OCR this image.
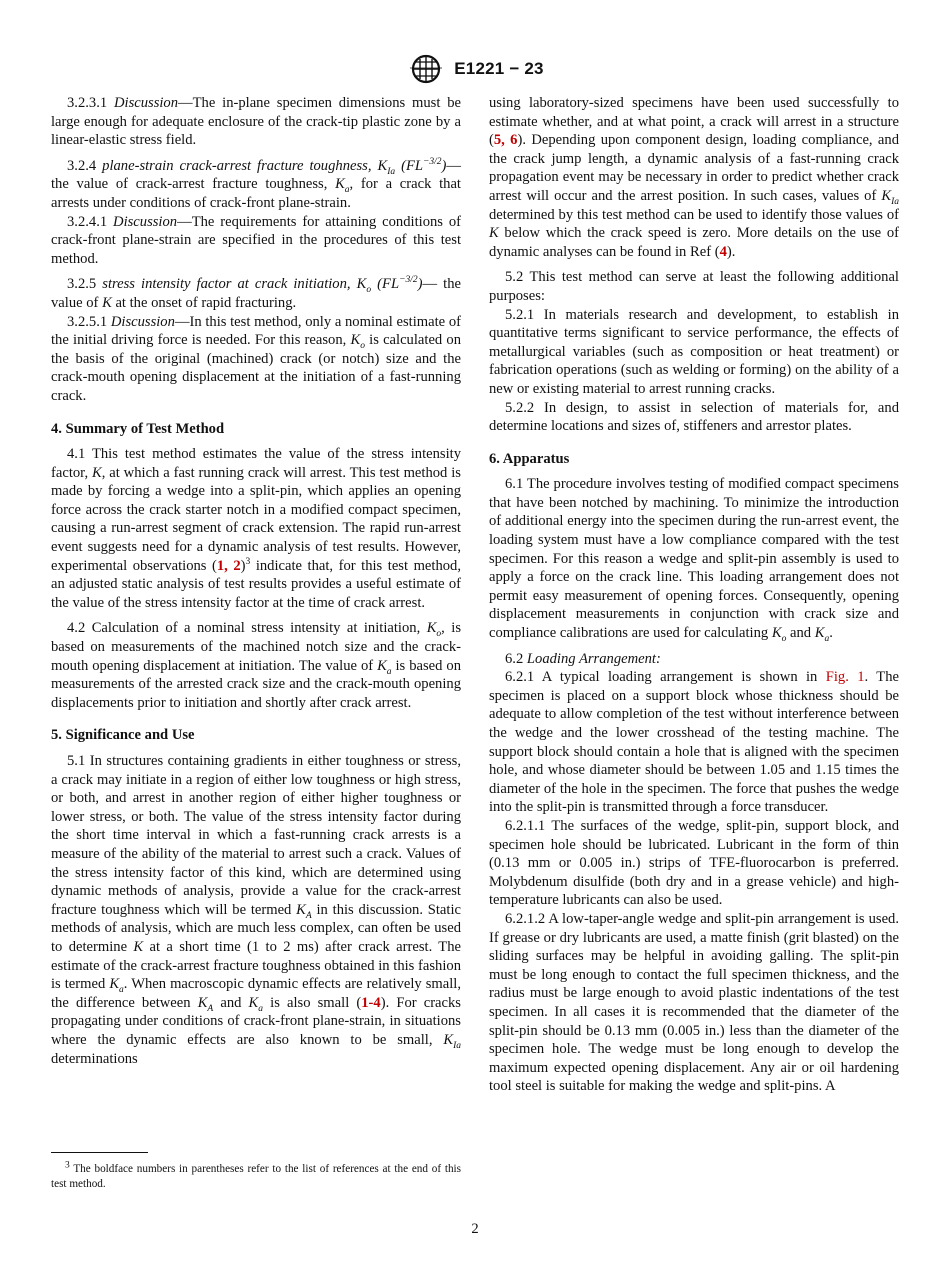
E1221 − 23

3.2.3.1 Discussion—The in-plane specimen dimensions must be large enough for adequate enclosure of the crack-tip plastic zone by a linear-elastic stress field.

3.2.4 plane-strain crack-arrest fracture toughness, $K_{Ia}$ $(FL^{-3/2})—the$ value of crack-arrest fracture toughness, $K_a$, for a crack that arrests under conditions of crack-front plane-strain.

3.2.4.1 Discussion—The requirements for attaining conditions of crack-front plane-strain are specified in the procedures of this test method.

3.2.5 stress intensity factor at crack initiation, $K_o$ $(FL^{-3/2})—$ the value of K at the onset of rapid fracturing.

3.2.5.1 Discussion—In this test method, only a nominal estimate of the initial driving force is needed. For this reason, $K_o$ is calculated on the basis of the original (machined) crack (or notch) size and the crack-mouth opening displacement at the initiation of a fast-running crack.

4. Summary of Test Method

4.1 This test method estimates the value of the stress intensity factor, K, at which a fast running crack will arrest. This test method is made by forcing a wedge into a split-pin, which applies an opening force across the crack starter notch in a modified compact specimen, causing a run-arrest segment of crack extension. The rapid run-arrest event suggests need for a dynamic analysis of test results. However, experimental observations (1, 2)$^3$ indicate that, for this test method, an adjusted static analysis of test results provides a useful estimate of the value of the stress intensity factor at the time of crack arrest.

4.2 Calculation of a nominal stress intensity at initiation, $K_o$, is based on measurements of the machined notch size and the crack-mouth opening displacement at initiation. The value of $K_a$ is based on measurements of the arrested crack size and the crack-mouth opening displacements prior to initiation and shortly after crack arrest.

5. Significance and Use

5.1 In structures containing gradients in either toughness or stress, a crack may initiate in a region of either low toughness or high stress, or both, and arrest in another region of either higher toughness or lower stress, or both. The value of the stress intensity factor during the short time interval in which a fast-running crack arrests is a measure of the ability of the material to arrest such a crack. Values of the stress intensity factor of this kind, which are determined using dynamic methods of analysis, provide a value for the crack-arrest fracture toughness which will be termed $K_A$ in this discussion. Static methods of analysis, which are much less complex, can often be used to determine K at a short time (1 to 2 ms) after crack arrest. The estimate of the crack-arrest fracture toughness obtained in this fashion is termed $K_a$. When macroscopic dynamic effects are relatively small, the difference between $K_A$ and $K_a$ is also small (1-4). For cracks propagating under conditions of crack-front plane-strain, in situations where the dynamic effects are also known to be small, $K_{Ia}$ determinations

$^3$ The boldface numbers in parentheses refer to the list of references at the end of this test method.

using laboratory-sized specimens have been used successfully to estimate whether, and at what point, a crack will arrest in a structure (5, 6). Depending upon component design, loading compliance, and the crack jump length, a dynamic analysis of a fast-running crack propagation event may be necessary in order to predict whether crack arrest will occur and the arrest position. In such cases, values of $K_{Ia}$ determined by this test method can be used to identify those values of K below which the crack speed is zero. More details on the use of dynamic analyses can be found in Ref (4).

5.2 This test method can serve at least the following additional purposes:

5.2.1 In materials research and development, to establish in quantitative terms significant to service performance, the effects of metallurgical variables (such as composition or heat treatment) or fabrication operations (such as welding or forming) on the ability of a new or existing material to arrest running cracks.

5.2.2 In design, to assist in selection of materials for, and determine locations and sizes of, stiffeners and arrestor plates.

6. Apparatus

6.1 The procedure involves testing of modified compact specimens that have been notched by machining. To minimize the introduction of additional energy into the specimen during the run-arrest event, the loading system must have a low compliance compared with the test specimen. For this reason a wedge and split-pin assembly is used to apply a force on the crack line. This loading arrangement does not permit easy measurement of opening forces. Consequently, opening displacement measurements in conjunction with crack size and compliance calibrations are used for calculating $K_o$ and $K_a$.

6.2 Loading Arrangement:

6.2.1 A typical loading arrangement is shown in Fig. 1. The specimen is placed on a support block whose thickness should be adequate to allow completion of the test without interference between the wedge and the lower crosshead of the testing machine. The support block should contain a hole that is aligned with the specimen hole, and whose diameter should be between 1.05 and 1.15 times the diameter of the hole in the specimen. The force that pushes the wedge into the split-pin is transmitted through a force transducer.

6.2.1.1 The surfaces of the wedge, split-pin, support block, and specimen hole should be lubricated. Lubricant in the form of thin (0.13 mm or 0.005 in.) strips of TFE-fluorocarbon is preferred. Molybdenum disulfide (both dry and in a grease vehicle) and high-temperature lubricants can also be used.

6.2.1.2 A low-taper-angle wedge and split-pin arrangement is used. If grease or dry lubricants are used, a matte finish (grit blasted) on the sliding surfaces may be helpful in avoiding galling. The split-pin must be long enough to contact the full specimen thickness, and the radius must be large enough to avoid plastic indentations of the test specimen. In all cases it is recommended that the diameter of the split-pin should be 0.13 mm (0.005 in.) less than the diameter of the specimen hole. The wedge must be long enough to develop the maximum expected opening displacement. Any air or oil hardening tool steel is suitable for making the wedge and split-pins. A

2
